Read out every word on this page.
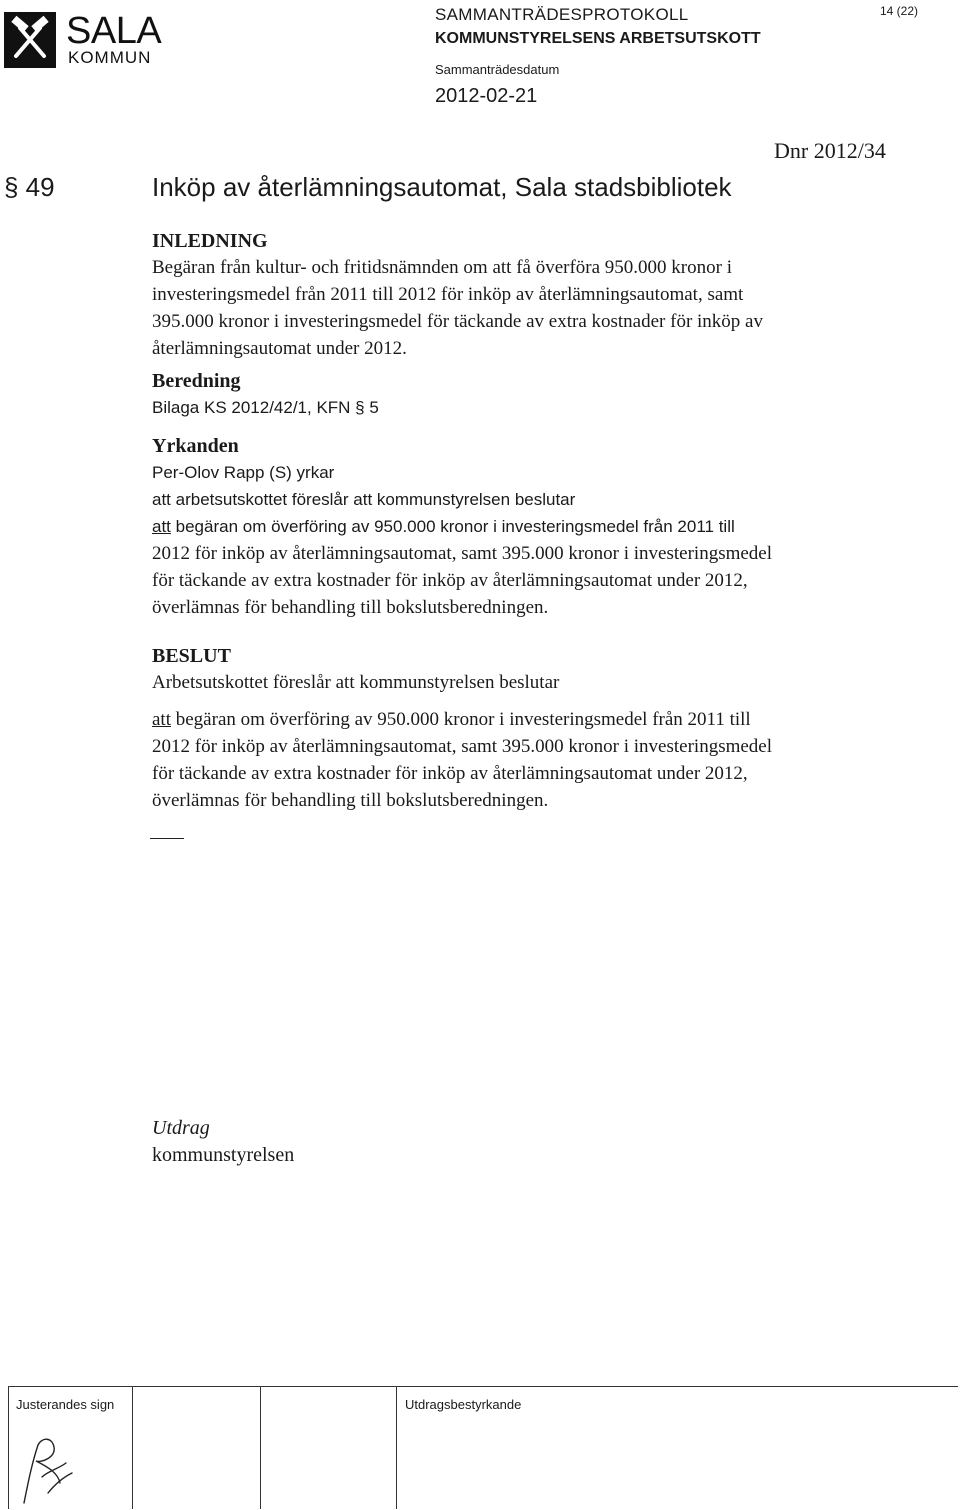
SALA
KOMMUN
SAMMANTRÄDESPROTOKOLL
KOMMUNSTYRELSENS ARBETSUTSKOTT
Sammanträdesdatum
2012-02-21
14 (22)
Dnr 2012/34
§ 49	Inköp av återlämningsautomat, Sala stadsbibliotek
INLEDNING
Begäran från kultur- och fritidsnämnden om att få överföra 950.000 kronor i
investeringsmedel från 2011 till 2012 för inköp av återlämningsautomat, samt
395.000 kronor i investeringsmedel för täckande av extra kostnader för inköp av
återlämningsautomat under 2012.
Beredning
Bilaga KS 2012/42/1, KFN § 5
Yrkanden
Per-Olov Rapp (S) yrkar
att arbetsutskottet föreslår att kommunstyrelsen beslutar
att begäran om överföring av 950.000 kronor i investeringsmedel från 2011 till
2012 för inköp av återlämningsautomat, samt 395.000 kronor i investeringsmedel
för täckande av extra kostnader för inköp av återlämningsautomat under 2012,
överlämnas för behandling till bokslutsberedningen.
BESLUT
Arbetsutskottet föreslår att kommunstyrelsen beslutar
att begäran om överföring av 950.000 kronor i investeringsmedel från 2011 till
2012 för inköp av återlämningsautomat, samt 395.000 kronor i investeringsmedel
för täckande av extra kostnader för inköp av återlämningsautomat under 2012,
överlämnas för behandling till bokslutsberedningen.
Utdrag
kommunstyrelsen
Justerandes sign	Utdragsbestyrkande
